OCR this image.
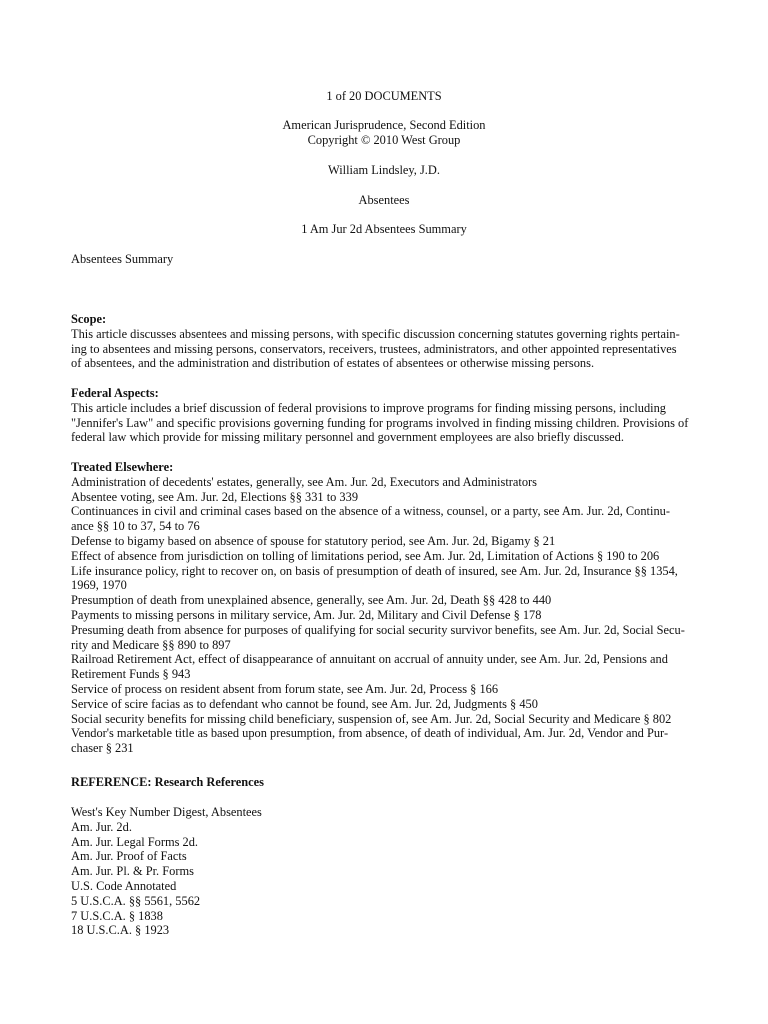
1 of 20 DOCUMENTS
American Jurisprudence, Second Edition
Copyright © 2010 West Group
William Lindsley, J.D.
Absentees
1 Am Jur 2d Absentees Summary
Absentees Summary
Scope:
This article discusses absentees and missing persons, with specific discussion concerning statutes governing rights pertain-
ing to absentees and missing persons, conservators, receivers, trustees, administrators, and other appointed representatives
of absentees, and the administration and distribution of estates of absentees or otherwise missing persons.
Federal Aspects:
This article includes a brief discussion of federal provisions to improve programs for finding missing persons, including
"Jennifer's Law" and specific provisions governing funding for programs involved in finding missing children. Provisions of
federal law which provide for missing military personnel and government employees are also briefly discussed.
Treated Elsewhere:
Administration of decedents' estates, generally, see Am. Jur. 2d, Executors and Administrators
Absentee voting, see Am. Jur. 2d, Elections §§ 331 to 339
Continuances in civil and criminal cases based on the absence of a witness, counsel, or a party, see Am. Jur. 2d, Continu-
ance §§ 10 to 37, 54 to 76
Defense to bigamy based on absence of spouse for statutory period, see Am. Jur. 2d, Bigamy § 21
Effect of absence from jurisdiction on tolling of limitations period, see Am. Jur. 2d, Limitation of Actions § 190 to 206
Life insurance policy, right to recover on, on basis of presumption of death of insured, see Am. Jur. 2d, Insurance §§ 1354,
1969, 1970
Presumption of death from unexplained absence, generally, see Am. Jur. 2d, Death §§ 428 to 440
Payments to missing persons in military service, Am. Jur. 2d, Military and Civil Defense § 178
Presuming death from absence for purposes of qualifying for social security survivor benefits, see Am. Jur. 2d, Social Secu-
rity and Medicare §§ 890 to 897
Railroad Retirement Act, effect of disappearance of annuitant on accrual of annuity under, see Am. Jur. 2d, Pensions and
Retirement Funds § 943
Service of process on resident absent from forum state, see Am. Jur. 2d, Process § 166
Service of scire facias as to defendant who cannot be found, see Am. Jur. 2d, Judgments § 450
Social security benefits for missing child beneficiary, suspension of, see Am. Jur. 2d, Social Security and Medicare § 802
Vendor's marketable title as based upon presumption, from absence, of death of individual, Am. Jur. 2d, Vendor and Pur-
chaser § 231
REFERENCE: Research References
West's Key Number Digest, Absentees
Am. Jur. 2d.
Am. Jur. Legal Forms 2d.
Am. Jur. Proof of Facts
Am. Jur. Pl. & Pr. Forms
U.S. Code Annotated
5 U.S.C.A. §§ 5561, 5562
7 U.S.C.A. § 1838
18 U.S.C.A. § 1923
